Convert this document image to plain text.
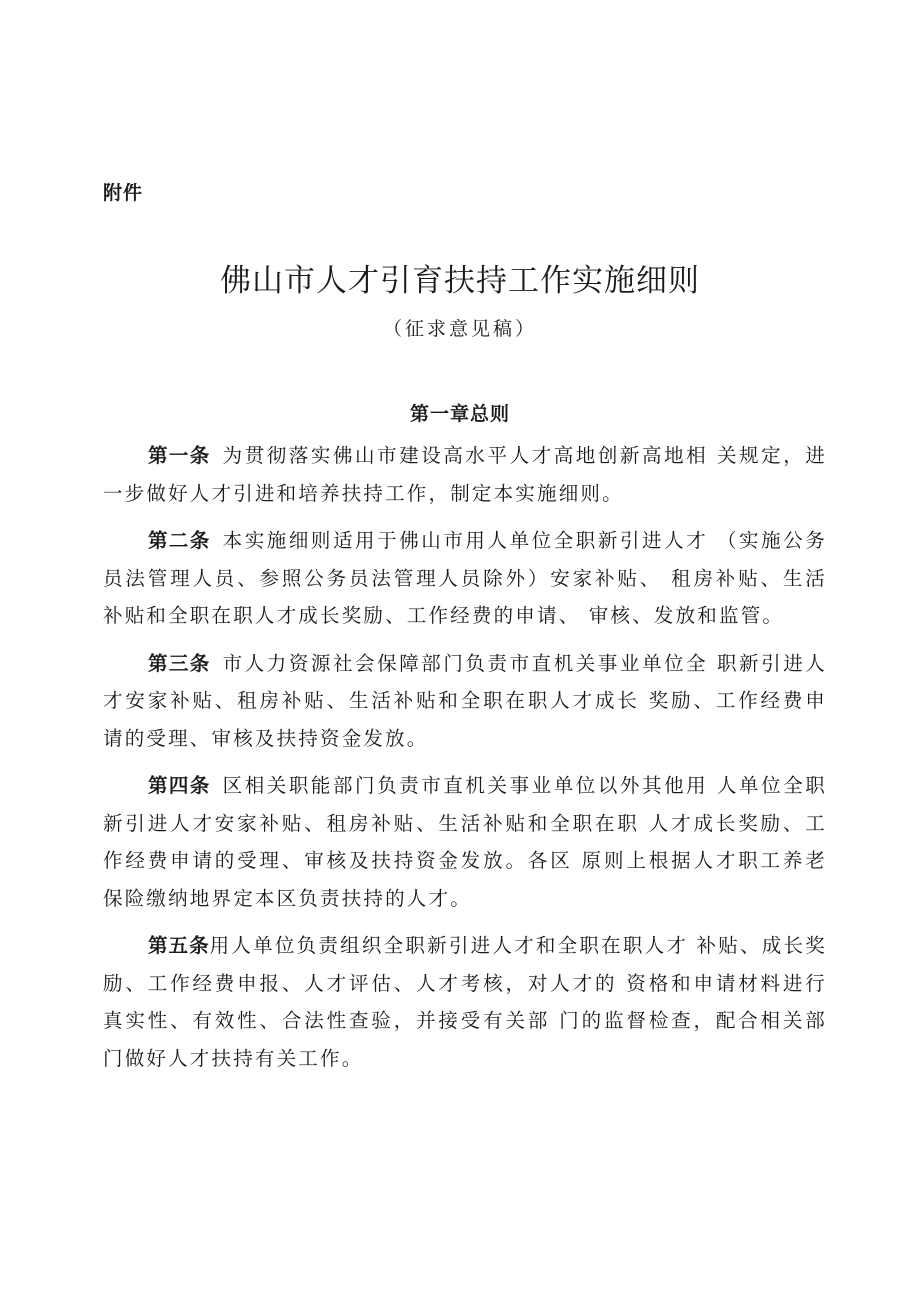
附件
佛山市人才引育扶持工作实施细则
（征求意见稿）
第一章总则

第一条 为贯彻落实佛山市建设高水平人才高地创新高地相 关规定，进一步做好人才引进和培养扶持工作，制定本实施细则。

第二条 本实施细则适用于佛山市用人单位全职新引进人才 （实施公务员法管理人员、参照公务员法管理人员除外）安家补贴、 租房补贴、生活补贴和全职在职人才成长奖励、工作经费的申请、 审核、发放和监管。

第三条 市人力资源社会保障部门负责市直机关事业单位全 职新引进人才安家补贴、租房补贴、生活补贴和全职在职人才成长 奖励、工作经费申请的受理、审核及扶持资金发放。

第四条 区相关职能部门负责市直机关事业单位以外其他用 人单位全职新引进人才安家补贴、租房补贴、生活补贴和全职在职 人才成长奖励、工作经费申请的受理、审核及扶持资金发放。各区 原则上根据人才职工养老保险缴纳地界定本区负责扶持的人才。

第五条用人单位负责组织全职新引进人才和全职在职人才 补贴、成长奖励、工作经费申报、人才评估、人才考核，对人才的 资格和申请材料进行真实性、有效性、合法性查验，并接受有关部 门的监督检查，配合相关部门做好人才扶持有关工作。
